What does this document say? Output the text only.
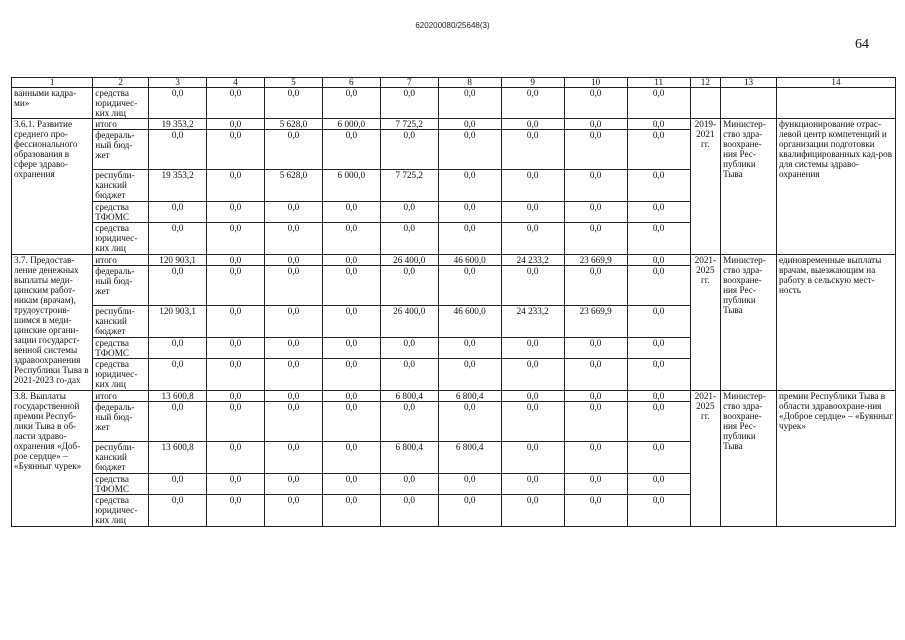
620200080/25648(3)
64
1	2	3	4	5	6	7	8	9	10	11	12	13	14
ванными кадра-ми»	средства юридичес-ких лиц	0,0	0,0	0,0	0,0	0,0	0,0	0,0	0,0	0,0			
3.6.1. Развитие среднего про-фессионального образования в сфере здраво-охранения	итого	19 353,2	0,0	5 628,0	6 000,0	7 725,2	0,0	0,0	0,0	0,0	2019-2021 гг.	Министер-ство здра-воохране-ния Рес-публики Тыва	функционирование отрас-левой центр компетенций и организации подготовки квалифицированных кад-ров для системы здраво-охранения
	федераль-ный бюд-жет	0,0	0,0	0,0	0,0	0,0	0,0	0,0	0,0	0,0			
	республи-канский бюджет	19 353,2	0,0	5 628,0	6 000,0	7 725,2	0,0	0,0	0,0	0,0			
	средства ТФОМС	0,0	0,0	0,0	0,0	0,0	0,0	0,0	0,0	0,0			
	средства юридичес-ких лиц	0,0	0,0	0,0	0,0	0,0	0,0	0,0	0,0	0,0			
3.7. Предостав-ление денежных выплаты меди-цинским работ-никам (врачам), трудоустроив-шимся в меди-цинские органи-зации государст-венной системы здравоохранения Республики Тыва в 2021-2023 го-дах	итого	120 903,1	0,0	0,0	0,0	26 400,0	46 600,0	24 233,2	23 669,9	0,0	2021-2025 гг.	Министер-ство здра-воохране-ния Рес-публики Тыва	единовременные выплаты врачам, выезжающим на работу в сельскую мест-ность
	федераль-ный бюд-жет	0,0	0,0	0,0	0,0	0,0	0,0	0,0	0,0	0,0			
	республи-канский бюджет	120 903,1	0,0	0,0	0,0	26 400,0	46 600,0	24 233,2	23 669,9	0,0			
	средства ТФОМС	0,0	0,0	0,0	0,0	0,0	0,0	0,0	0,0	0,0			
	средства юридичес-ких лиц	0,0	0,0	0,0	0,0	0,0	0,0	0,0	0,0	0,0			
3.8. Выплаты государственной премии Респуб-лики Тыва в об-ласти здраво-охранения «Доб-рое сердце» – «Буянныг чурек»	итого	13 600,8	0,0	0,0	0,0	6 800,4	6 800,4	0,0	0,0	0,0	2021-2025 гг.	Министер-ство здра-воохране-ния Рес-публики Тыва	премии Республики Тыва в области здравоохране-ния «Доброе сердце» – «Буянныг чурек»
	федераль-ный бюд-жет	0,0	0,0	0,0	0,0	0,0	0,0	0,0	0,0	0,0			
	республи-канский бюджет	13 600,8	0,0	0,0	0,0	6 800,4	6 800,4	0,0	0,0	0,0			
	средства ТФОМС	0,0	0,0	0,0	0,0	0,0	0,0	0,0	0,0	0,0			
	средства юридичес-ких лиц	0,0	0,0	0,0	0,0	0,0	0,0	0,0	0,0	0,0			
